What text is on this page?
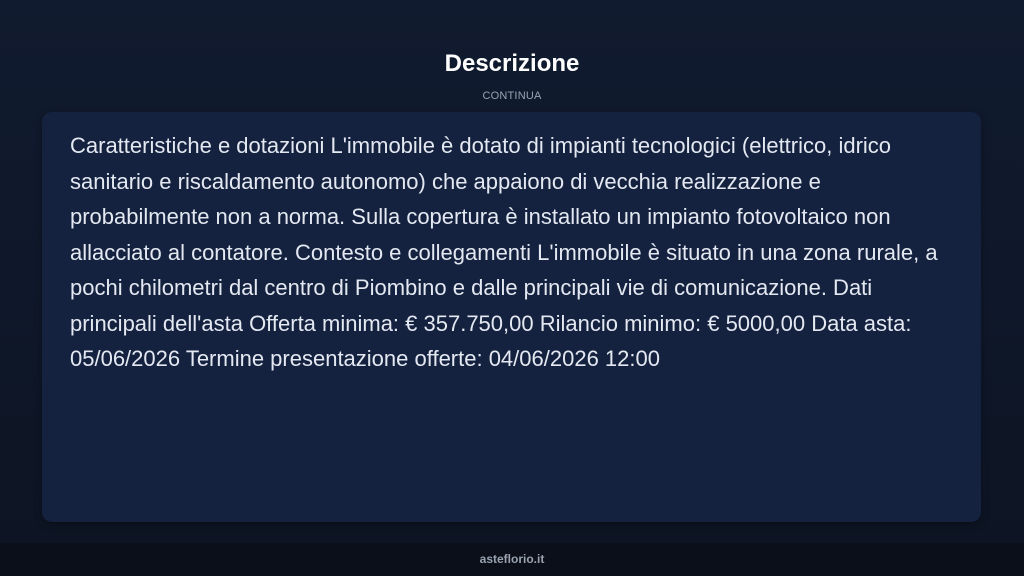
Descrizione
CONTINUA

Caratteristiche e dotazioni L'immobile è dotato di impianti tecnologici (elettrico, idrico sanitario e riscaldamento autonomo) che appaiono di vecchia realizzazione e probabilmente non a norma. Sulla copertura è installato un impianto fotovoltaico non allacciato al contatore. Contesto e collegamenti L'immobile è situato in una zona rurale, a pochi chilometri dal centro di Piombino e dalle principali vie di comunicazione. Dati principali dell'asta Offerta minima: € 357.750,00 Rilancio minimo: € 5000,00 Data asta: 05/06/2026 Termine presentazione offerte: 04/06/2026 12:00

asteflorio.it
